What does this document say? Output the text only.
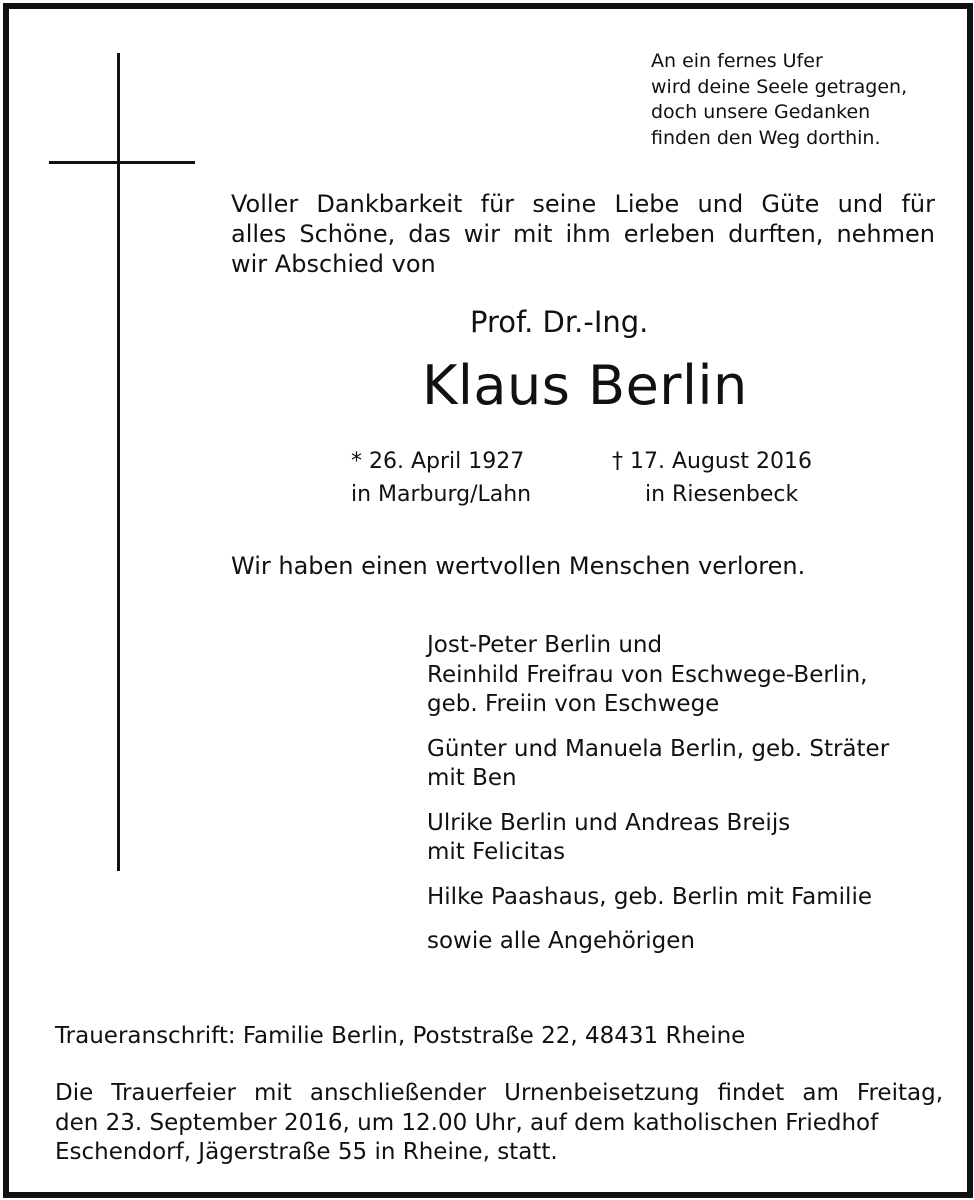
An ein fernes Ufer
wird deine Seele getragen,
doch unsere Gedanken
finden den Weg dorthin.
Voller Dankbarkeit für seine Liebe und Güte und für
alles Schöne, das wir mit ihm erleben durften, nehmen
wir Abschied von
Prof. Dr.-Ing.
Klaus Berlin
* 26. April 1927
in Marburg/Lahn
† 17. August 2016
in Riesenbeck
Wir haben einen wertvollen Menschen verloren.
Jost-Peter Berlin und
Reinhild Freifrau von Eschwege-Berlin,
geb. Freiin von Eschwege
Günter und Manuela Berlin, geb. Sträter
mit Ben
Ulrike Berlin und Andreas Breijs
mit Felicitas
Hilke Paashaus, geb. Berlin mit Familie
sowie alle Angehörigen
Traueranschrift: Familie Berlin, Poststraße 22, 48431 Rheine
Die Trauerfeier mit anschließender Urnenbeisetzung findet am Freitag,
den 23. September 2016, um 12.00 Uhr, auf dem katholischen Friedhof
Eschendorf, Jägerstraße 55 in Rheine, statt.
